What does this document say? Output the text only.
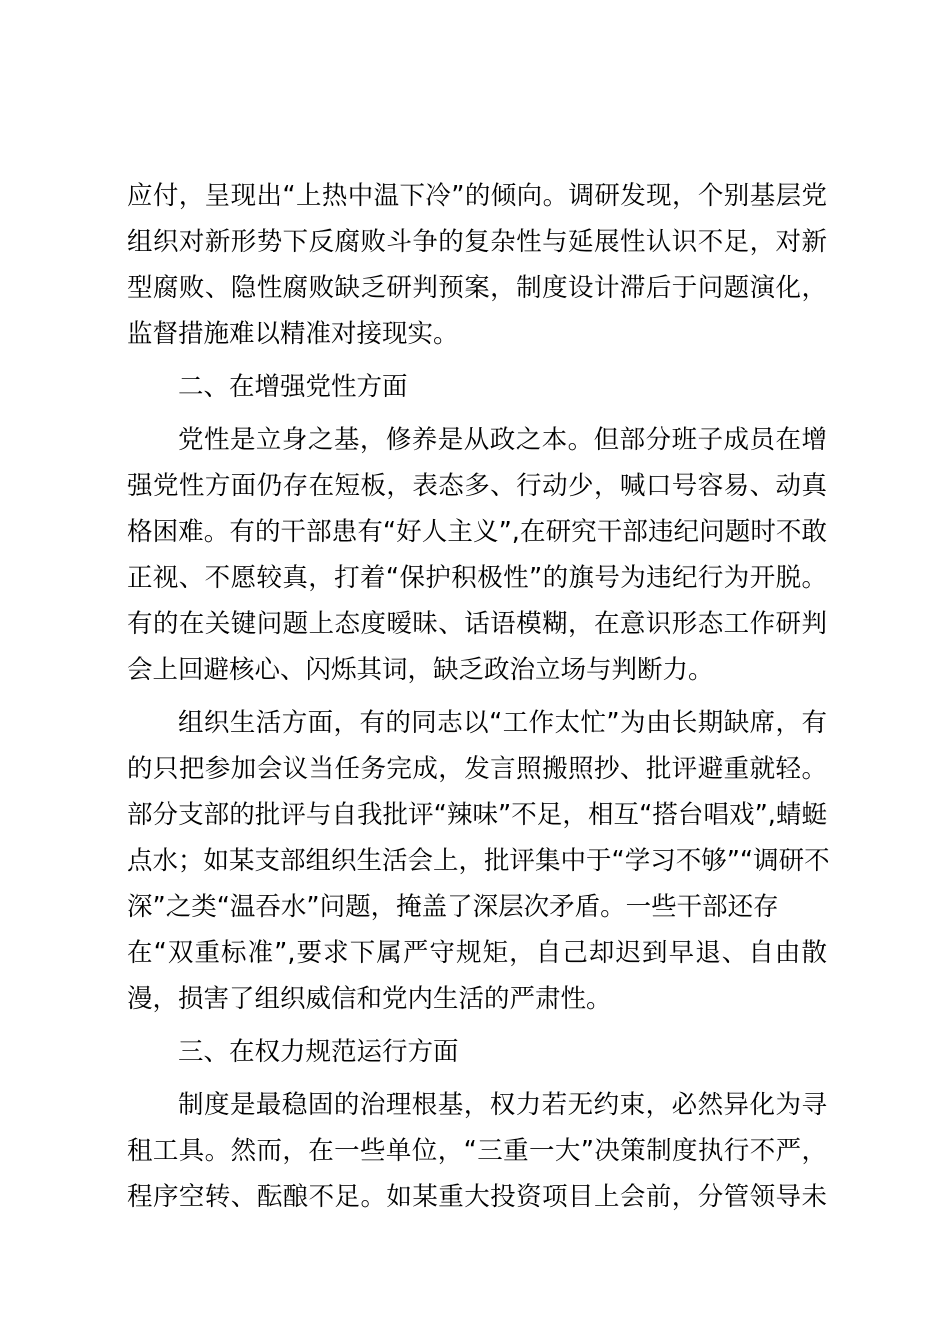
应付，呈现出“上热中温下冷”的倾向。调研发现，个别基层党
组织对新形势下反腐败斗争的复杂性与延展性认识不足，对新
型腐败、隐性腐败缺乏研判预案，制度设计滞后于问题演化，
监督措施难以精准对接现实。
二、在增强党性方面
党性是立身之基，修养是从政之本。但部分班子成员在增
强党性方面仍存在短板，表态多、行动少，喊口号容易、动真
格困难。有的干部患有“好人主义”,在研究干部违纪问题时不敢
正视、不愿较真，打着“保护积极性”的旗号为违纪行为开脱。
有的在关键问题上态度暧昧、话语模糊，在意识形态工作研判
会上回避核心、闪烁其词，缺乏政治立场与判断力。
组织生活方面，有的同志以“工作太忙”为由长期缺席，有
的只把参加会议当任务完成，发言照搬照抄、批评避重就轻。
部分支部的批评与自我批评“辣味”不足，相互“搭台唱戏”,蜻蜓
点水；如某支部组织生活会上，批评集中于“学习不够”“调研不
深”之类“温吞水”问题，掩盖了深层次矛盾。一些干部还存
在“双重标准”,要求下属严守规矩，自己却迟到早退、自由散
漫，损害了组织威信和党内生活的严肃性。
三、在权力规范运行方面
制度是最稳固的治理根基，权力若无约束，必然异化为寻
租工具。然而，在一些单位，“三重一大”决策制度执行不严，
程序空转、酝酿不足。如某重大投资项目上会前，分管领导未
